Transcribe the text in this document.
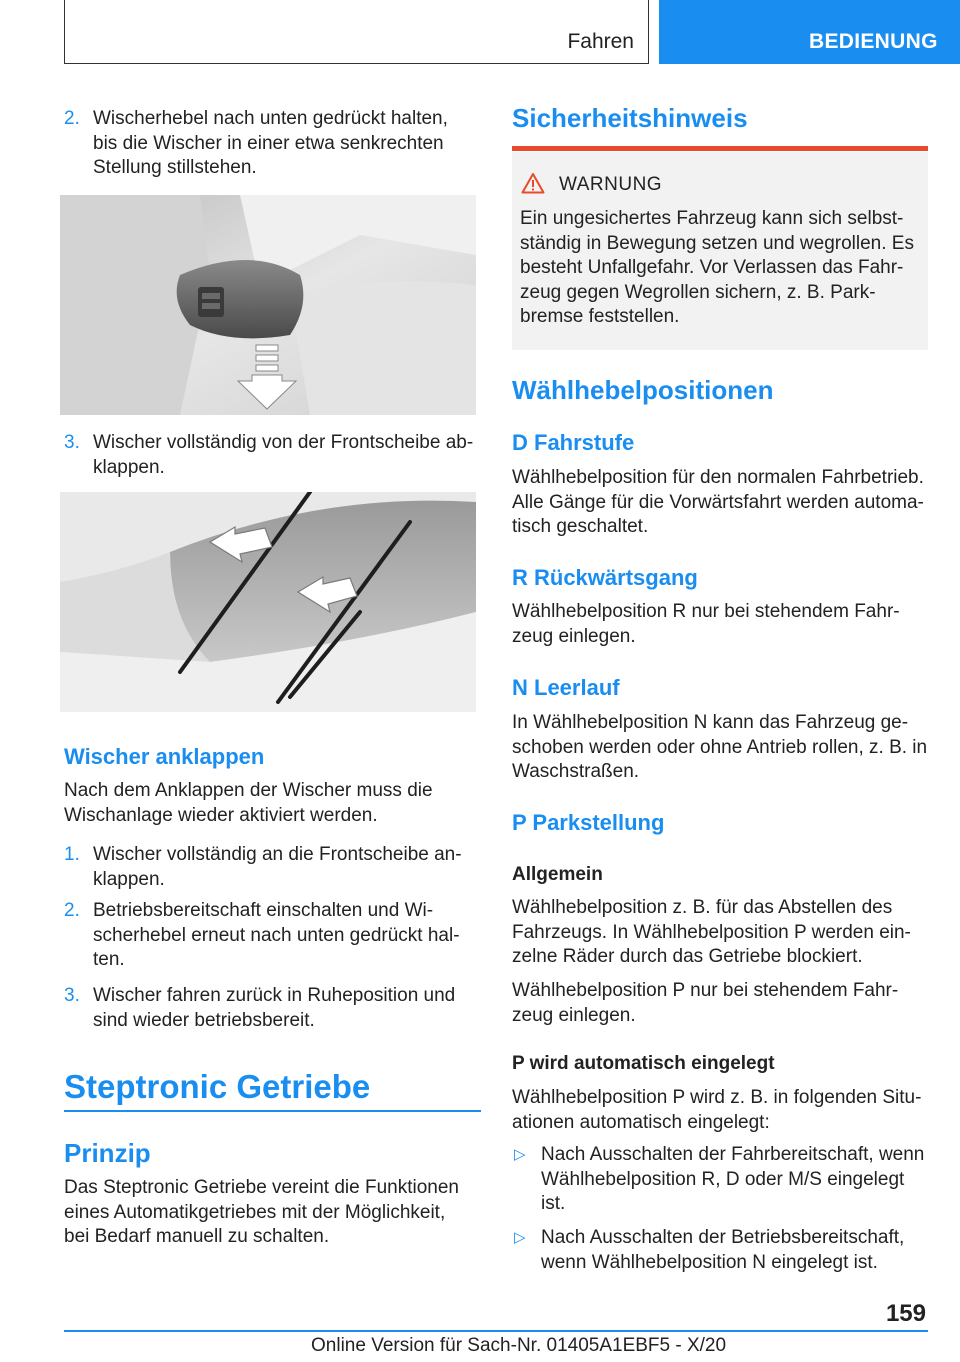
Fahren	BEDIENUNG
2. Wischerhebel nach unten gedrückt halten,
bis die Wischer in einer etwa senkrechten
Stellung stillstehen.
3. Wischer vollständig von der Frontscheibe ab‐
klappen.
Wischer anklappen
Nach dem Anklappen der Wischer muss die
Wischanlage wieder aktiviert werden.
1. Wischer vollständig an die Frontscheibe an‐
klappen.
2. Betriebsbereitschaft einschalten und Wi‐
scherhebel erneut nach unten gedrückt hal‐
ten.
3. Wischer fahren zurück in Ruheposition und
sind wieder betriebsbereit.
Steptronic Getriebe
Prinzip
Das Steptronic Getriebe vereint die Funktionen
eines Automatikgetriebes mit der Möglichkeit,
bei Bedarf manuell zu schalten.
Sicherheitshinweis
WARNUNG
Ein ungesichertes Fahrzeug kann sich selbst‐
ständig in Bewegung setzen und wegrollen. Es
besteht Unfallgefahr. Vor Verlassen das Fahr‐
zeug gegen Wegrollen sichern, z. B. Park‐
bremse feststellen.
Wählhebelpositionen
D Fahrstufe
Wählhebelposition für den normalen Fahrbetrieb.
Alle Gänge für die Vorwärtsfahrt werden automa‐
tisch geschaltet.
R Rückwärtsgang
Wählhebelposition R nur bei stehendem Fahr‐
zeug einlegen.
N Leerlauf
In Wählhebelposition N kann das Fahrzeug ge‐
schoben werden oder ohne Antrieb rollen, z. B. in
Waschstraßen.
P Parkstellung
Allgemein
Wählhebelposition z. B. für das Abstellen des
Fahrzeugs. In Wählhebelposition P werden ein‐
zelne Räder durch das Getriebe blockiert.
Wählhebelposition P nur bei stehendem Fahr‐
zeug einlegen.
P wird automatisch eingelegt
Wählhebelposition P wird z. B. in folgenden Situ‐
ationen automatisch eingelegt:
▷ Nach Ausschalten der Fahrbereitschaft, wenn
Wählhebelposition R, D oder M/S eingelegt
ist.
▷ Nach Ausschalten der Betriebsbereitschaft,
wenn Wählhebelposition N eingelegt ist.
159
Online Version für Sach-Nr. 01405A1EBF5 - X/20
